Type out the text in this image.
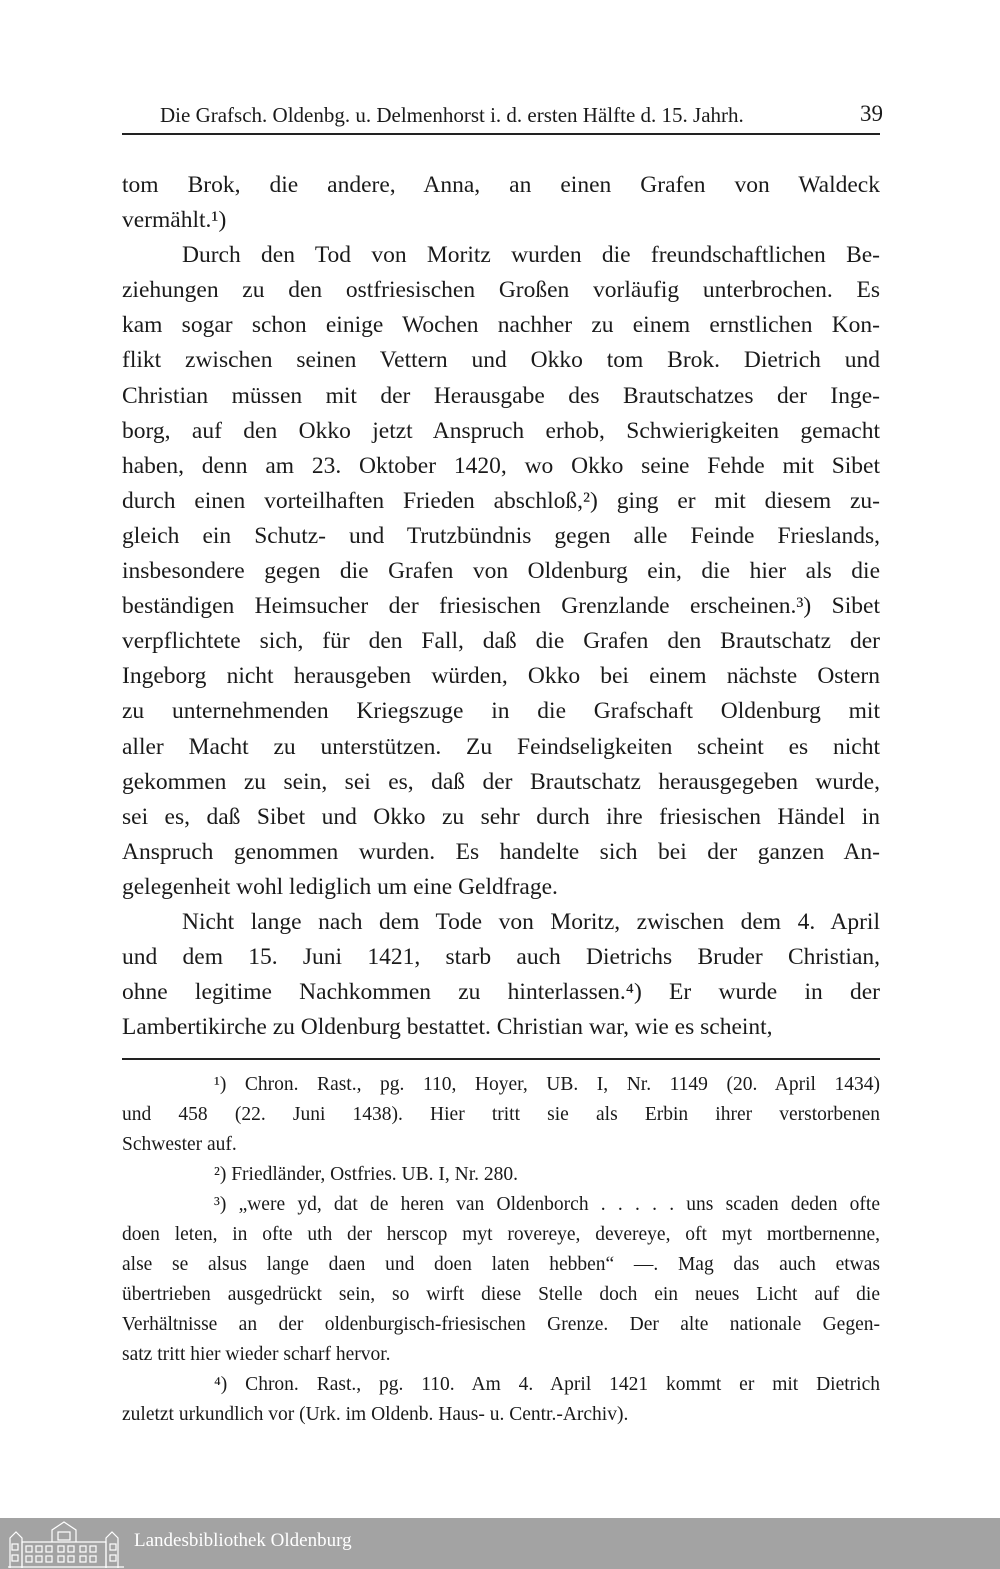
Die Grafsch. Oldenbg. u. Delmenhorst i. d. ersten Hälfte d. 15. Jahrh.	39
tom Brok, die andere, Anna, an einen Grafen von Waldeck
vermählt.¹)
Durch den Tod von Moritz wurden die freundschaftlichen Be-
ziehungen zu den ostfriesischen Großen vorläufig unterbrochen. Es
kam sogar schon einige Wochen nachher zu einem ernstlichen Kon-
flikt zwischen seinen Vettern und Okko tom Brok. Dietrich und
Christian müssen mit der Herausgabe des Brautschatzes der Inge-
borg, auf den Okko jetzt Anspruch erhob, Schwierigkeiten gemacht
haben, denn am 23. Oktober 1420, wo Okko seine Fehde mit Sibet
durch einen vorteilhaften Frieden abschloß,²) ging er mit diesem zu-
gleich ein Schutz- und Trutzbündnis gegen alle Feinde Frieslands,
insbesondere gegen die Grafen von Oldenburg ein, die hier als die
beständigen Heimsucher der friesischen Grenzlande erscheinen.³) Sibet
verpflichtete sich, für den Fall, daß die Grafen den Brautschatz der
Ingeborg nicht herausgeben würden, Okko bei einem nächste Ostern
zu unternehmenden Kriegszuge in die Grafschaft Oldenburg mit
aller Macht zu unterstützen. Zu Feindseligkeiten scheint es nicht
gekommen zu sein, sei es, daß der Brautschatz herausgegeben wurde,
sei es, daß Sibet und Okko zu sehr durch ihre friesischen Händel in
Anspruch genommen wurden. Es handelte sich bei der ganzen An-
gelegenheit wohl lediglich um eine Geldfrage.
Nicht lange nach dem Tode von Moritz, zwischen dem 4. April
und dem 15. Juni 1421, starb auch Dietrichs Bruder Christian,
ohne legitime Nachkommen zu hinterlassen.⁴) Er wurde in der
Lambertikirche zu Oldenburg bestattet. Christian war, wie es scheint,
¹) Chron. Rast., pg. 110, Hoyer, UB. I, Nr. 1149 (20. April 1434)
und 458 (22. Juni 1438). Hier tritt sie als Erbin ihrer verstorbenen
Schwester auf.
²) Friedländer, Ostfries. UB. I, Nr. 280.
³) „were yd, dat de heren van Oldenborch . . . . . uns scaden deden ofte
doen leten, in ofte uth der herscop myt rovereye, devereye, oft myt mortbernenne,
alse se alsus lange daen und doen laten hebben“ —. Mag das auch etwas
übertrieben ausgedrückt sein, so wirft diese Stelle doch ein neues Licht auf die
Verhältnisse an der oldenburgisch-friesischen Grenze. Der alte nationale Gegen-
satz tritt hier wieder scharf hervor.
⁴) Chron. Rast., pg. 110. Am 4. April 1421 kommt er mit Dietrich
zuletzt urkundlich vor (Urk. im Oldenb. Haus- u. Centr.-Archiv).
Landesbibliothek Oldenburg
